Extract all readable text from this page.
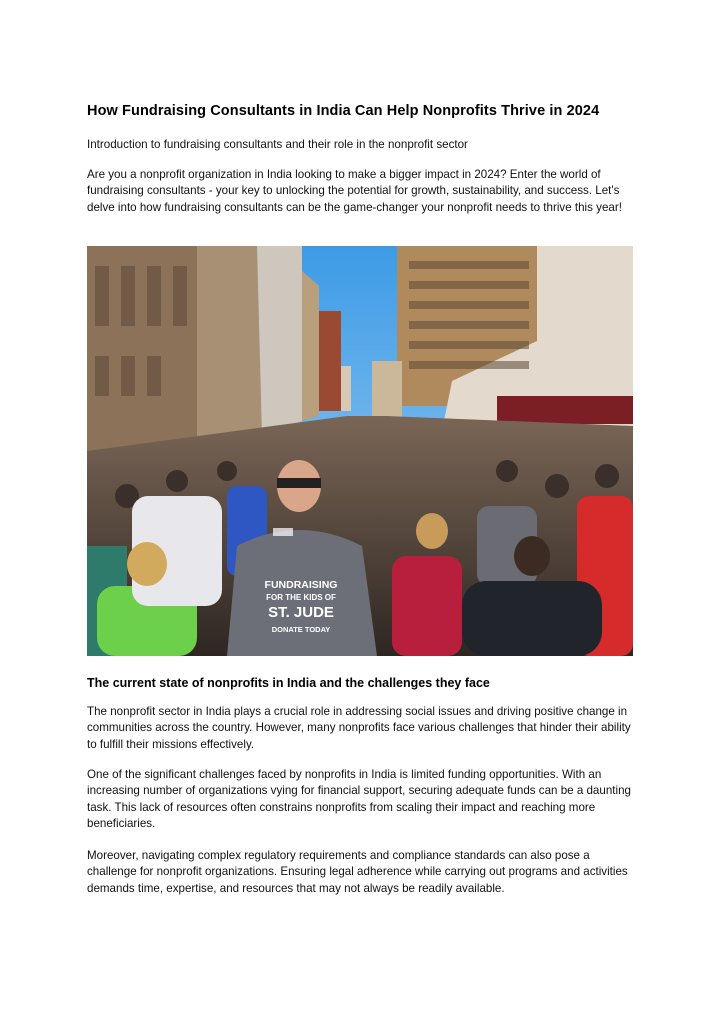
How Fundraising Consultants in India Can Help Nonprofits Thrive in 2024

Introduction to fundraising consultants and their role in the nonprofit sector

Are you a nonprofit organization in India looking to make a bigger impact in 2024? Enter the world of fundraising consultants - your key to unlocking the potential for growth, sustainability, and success. Let's delve into how fundraising consultants can be the game-changer your nonprofit needs to thrive this year!

FUNDRAISING
FOR THE KIDS OF
ST. JUDE
DONATE TODAY
The current state of nonprofits in India and the challenges they face

The nonprofit sector in India plays a crucial role in addressing social issues and driving positive change in communities across the country. However, many nonprofits face various challenges that hinder their ability to fulfill their missions effectively.

One of the significant challenges faced by nonprofits in India is limited funding opportunities. With an increasing number of organizations vying for financial support, securing adequate funds can be a daunting task. This lack of resources often constrains nonprofits from scaling their impact and reaching more beneficiaries.

Moreover, navigating complex regulatory requirements and compliance standards can also pose a challenge for nonprofit organizations. Ensuring legal adherence while carrying out programs and activities demands time, expertise, and resources that may not always be readily available.
